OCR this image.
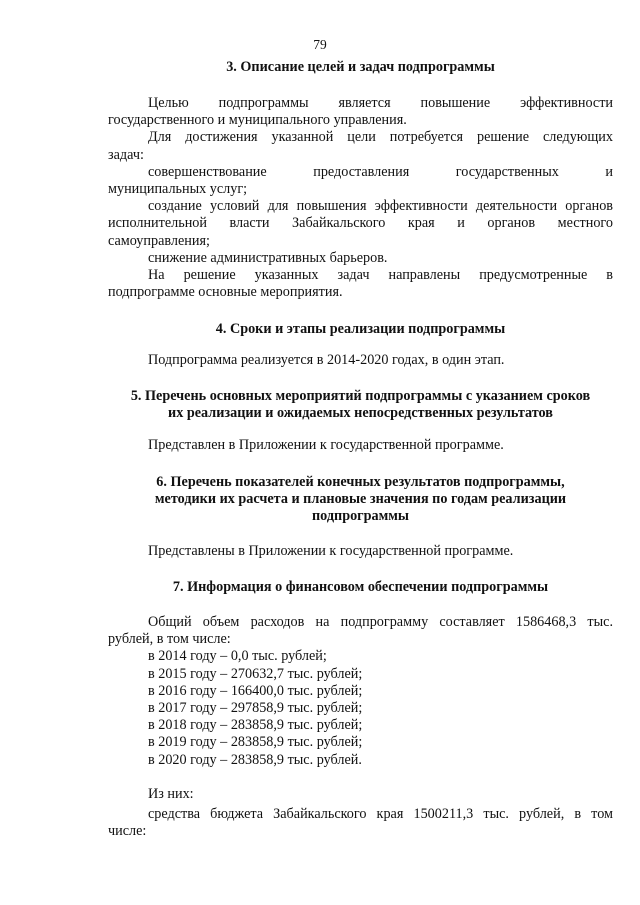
79

3. Описание целей и задач подпрограммы

Целью подпрограммы является повышение эффективности

государственного и муниципального управления.

Для достижения указанной цели потребуется решение следующих

задач:

совершенствование предоставления государственных и

муниципальных услуг;

создание условий для повышения эффективности деятельности органов

исполнительной власти Забайкальского края и органов местного

самоуправления;

снижение административных барьеров.

На решение указанных задач направлены предусмотренные в

подпрограмме основные мероприятия.

4. Сроки и этапы реализации подпрограммы

Подпрограмма реализуется в 2014-2020 годах, в один этап.

5. Перечень основных мероприятий подпрограммы с указанием сроков

их реализации и ожидаемых непосредственных результатов

Представлен в Приложении к государственной программе.

6. Перечень показателей конечных результатов подпрограммы,

методики их расчета и плановые значения по годам реализации

подпрограммы

Представлены в Приложении к государственной программе.

7. Информация о финансовом обеспечении подпрограммы

Общий объем расходов на подпрограмму составляет 1586468,3 тыс.

рублей, в том числе:

в 2014 году – 0,0 тыс. рублей;

в 2015 году – 270632,7 тыс. рублей;

в 2016 году – 166400,0 тыс. рублей;

в 2017 году – 297858,9 тыс. рублей;

в 2018 году – 283858,9 тыс. рублей;

в 2019 году – 283858,9 тыс. рублей;

в 2020 году – 283858,9 тыс. рублей.

Из них:

средства бюджета Забайкальского края 1500211,3 тыс. рублей, в том

числе:
